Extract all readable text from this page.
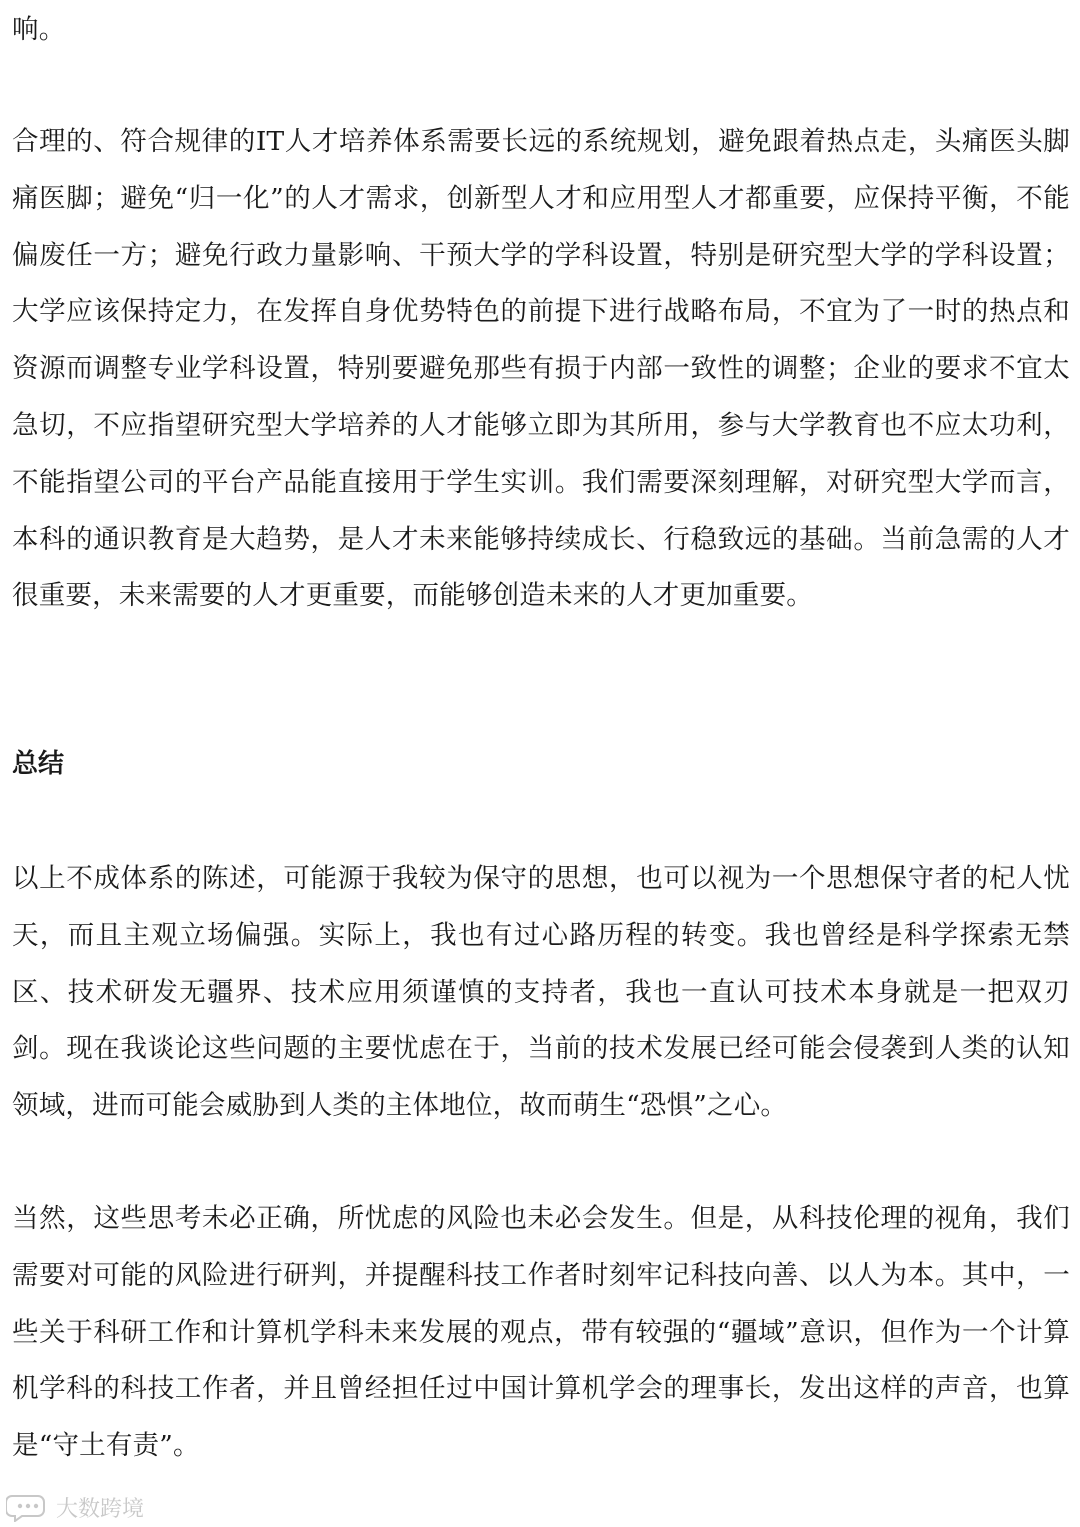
响。

合理的、符合规律的IT人才培养体系需要长远的系统规划，避免跟着热点走，头痛医头脚痛医脚；避免“归一化”的人才需求，创新型人才和应用型人才都重要，应保持平衡，不能偏废任一方；避免行政力量影响、干预大学的学科设置，特别是研究型大学的学科设置；大学应该保持定力，在发挥自身优势特色的前提下进行战略布局，不宜为了一时的热点和资源而调整专业学科设置，特别要避免那些有损于内部一致性的调整；企业的要求不宜太急切，不应指望研究型大学培养的人才能够立即为其所用，参与大学教育也不应太功利，不能指望公司的平台产品能直接用于学生实训。我们需要深刻理解，对研究型大学而言，本科的通识教育是大趋势，是人才未来能够持续成长、行稳致远的基础。当前急需的人才很重要，未来需要的人才更重要，而能够创造未来的人才更加重要。

总结

以上不成体系的陈述，可能源于我较为保守的思想，也可以视为一个思想保守者的杞人忧天，而且主观立场偏强。实际上，我也有过心路历程的转变。我也曾经是科学探索无禁区、技术研发无疆界、技术应用须谨慎的支持者，我也一直认可技术本身就是一把双刃剑。现在我谈论这些问题的主要忧虑在于，当前的技术发展已经可能会侵袭到人类的认知领域，进而可能会威胁到人类的主体地位，故而萌生“恐惧”之心。

当然，这些思考未必正确，所忧虑的风险也未必会发生。但是，从科技伦理的视角，我们需要对可能的风险进行研判，并提醒科技工作者时刻牢记科技向善、以人为本。其中，一些关于科研工作和计算机学科未来发展的观点，带有较强的“疆域”意识，但作为一个计算机学科的科技工作者，并且曾经担任过中国计算机学会的理事长，发出这样的声音，也算是“守土有责”。

大数跨境
